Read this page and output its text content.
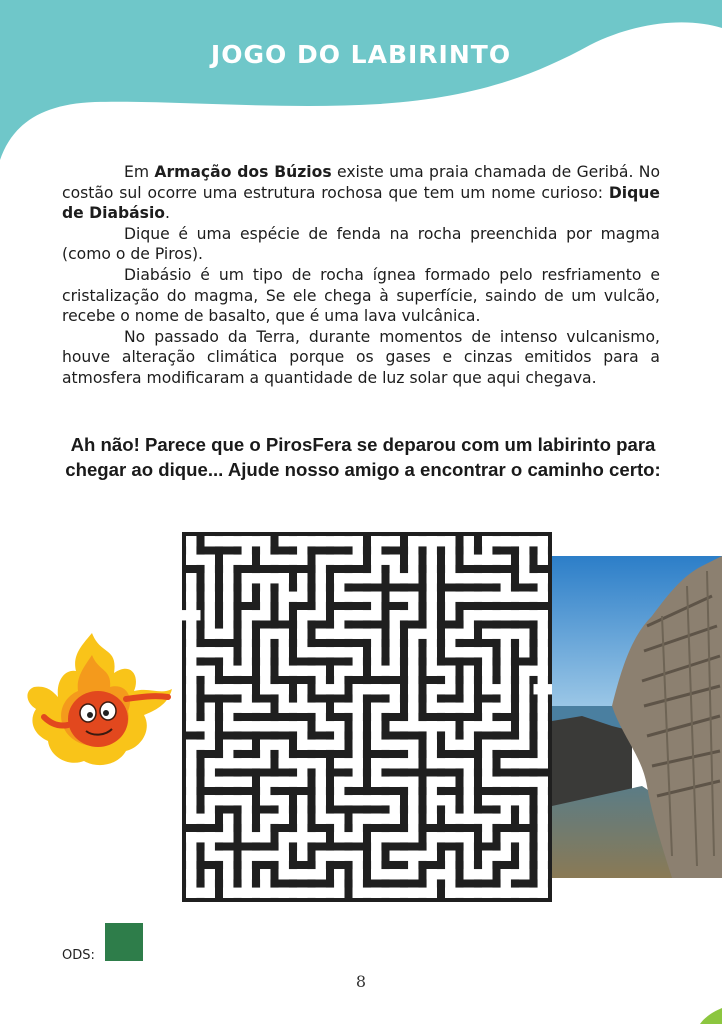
JOGO DO LABIRINTO

Em Armação dos Búzios existe uma praia chamada de Geribá. No costão sul ocorre uma estrutura rochosa que tem um nome curioso: Dique de Diabásio.

Dique é uma espécie de fenda na rocha preenchida por magma (como o de Piros).

Diabásio é um tipo de rocha ígnea formado pelo resfriamento e cristalização do magma, Se ele chega à superfície, saindo de um vulcão, recebe o nome de basalto, que é uma lava vulcânica.

No passado da Terra, durante momentos de intenso vulcanismo, houve alteração climática porque os gases e cinzas emitidos para a atmosfera modificaram a quantidade de luz solar que aqui chegava.

Ah não! Parece que o PirosFera se deparou com um labirinto para chegar ao dique... Ajude nosso amigo a encontrar o caminho certo:
ODS:
8
